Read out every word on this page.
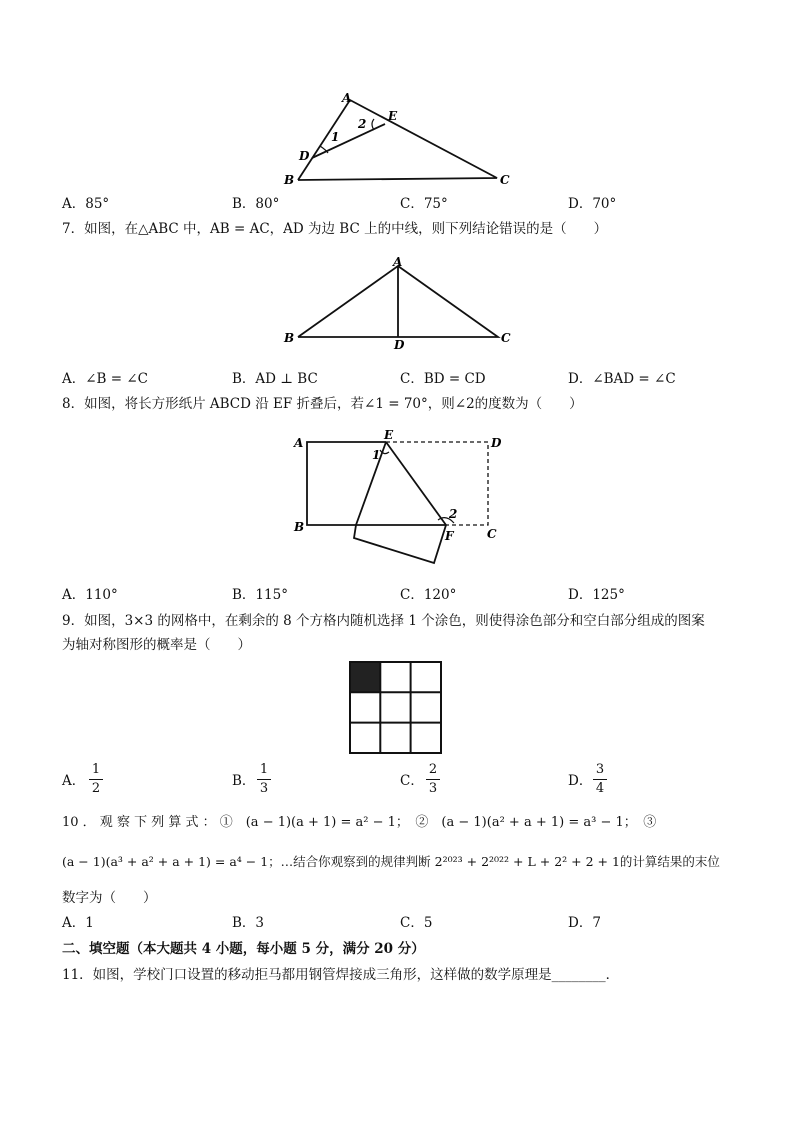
A
E
D
B	C
1
2
A．85°	B．80°	C．75°	D．70°
7．如图，在△ABC 中，AB = AC，AD 为边 BC 上的中线，则下列结论错误的是（　　）
A
B	D	C
A．∠B = ∠C	B．AD ⊥ BC	C．BD = CD	D．∠BAD = ∠C
8．如图，将长方形纸片 ABCD 沿 EF 折叠后，若∠1 = 70°，则∠2的度数为（　　）
A
E
D
B
F	C
1
2
A．110°	B．115°	C．120°	D．125°
9．如图，3×3 的网格中，在剩余的 8 个方格内随机选择 1 个涂色，则使得涂色部分和空白部分组成的图案
为轴对称图形的概率是（　　）
A．
1
2	B．
1
3	C．
2
3	D．
3
4
10 ． 观 察 下 列 算 式 ： ①　(a − 1)(a + 1) = a² − 1；　②　(a − 1)(a² + a + 1) = a³ − 1；　③
(a − 1)(a³ + a² + a + 1) = a⁴ − 1；…结合你观察到的规律判断 2²⁰²³ + 2²⁰²² + L + 2² + 2 + 1的计算结果的末位
数字为（　　）
A．1	B．3	C．5	D．7
二、填空题（本大题共 4 小题，每小题 5 分，满分 20 分）
11．如图，学校门口设置的移动拒马都用钢管焊接成三角形，这样做的数学原理是________．
